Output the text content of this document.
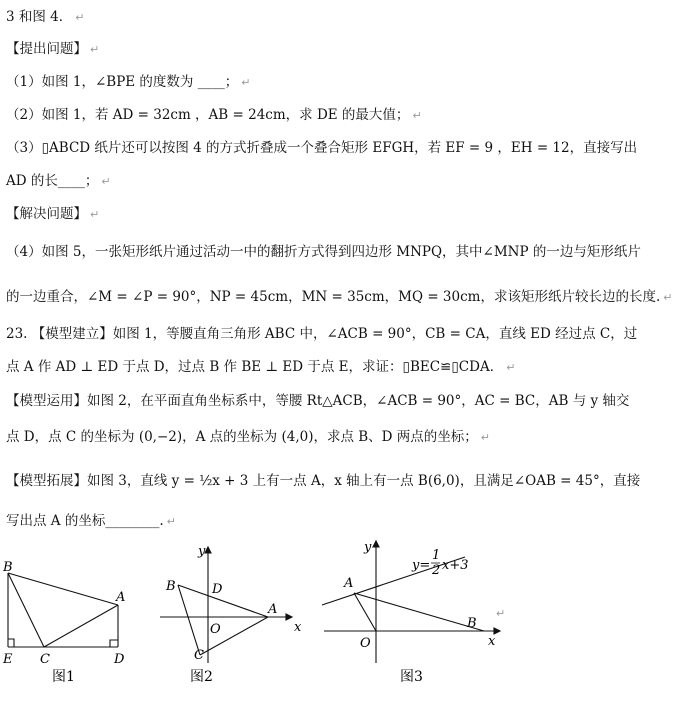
3 和图 4． ↵
【提出问题】 ↵
（1）如图 1，∠BPE 的度数为 ____； ↵
（2）如图 1，若 AD = 32cm ，AB = 24cm，求 DE 的最大值； ↵
（3）▯ABCD 纸片还可以按图 4 的方式折叠成一个叠合矩形 EFGH，若 EF = 9 ，EH = 12，直接写出
AD 的长____； ↵
【解决问题】 ↵
（4）如图 5，一张矩形纸片通过活动一中的翻折方式得到四边形 MNPQ，其中∠MNP 的一边与矩形纸片
的一边重合，∠M = ∠P = 90°，NP = 45cm，MN = 35cm，MQ = 30cm，求该矩形纸片较长边的长度. ↵
23. 【模型建立】如图 1，等腰直角三角形 ABC 中，∠ACB = 90°，CB = CA，直线 ED 经过点 C，过
点 A 作 AD ⊥ ED 于点 D，过点 B 作 BE ⊥ ED 于点 E，求证：▯BEC≌▯CDA． ↵
【模型运用】如图 2，在平面直角坐标系中，等腰 Rt△ACB，∠ACB = 90°，AC = BC，AB 与 y 轴交
点 D，点 C 的坐标为 (0,−2)，A 点的坐标为 (4,0)，求点 B、D 两点的坐标； ↵
【模型拓展】如图 3，直线 y = ½x + 3 上有一点 A，x 轴上有一点 B(6,0)，且满足∠OAB = 45°，直接
写出点 A 的坐标________. ↵
B
A
E C	D
图1
y
B	D
A
O	x
C
图2
y
y=
1
2 x+3
A
O
B
x
图3
↵
